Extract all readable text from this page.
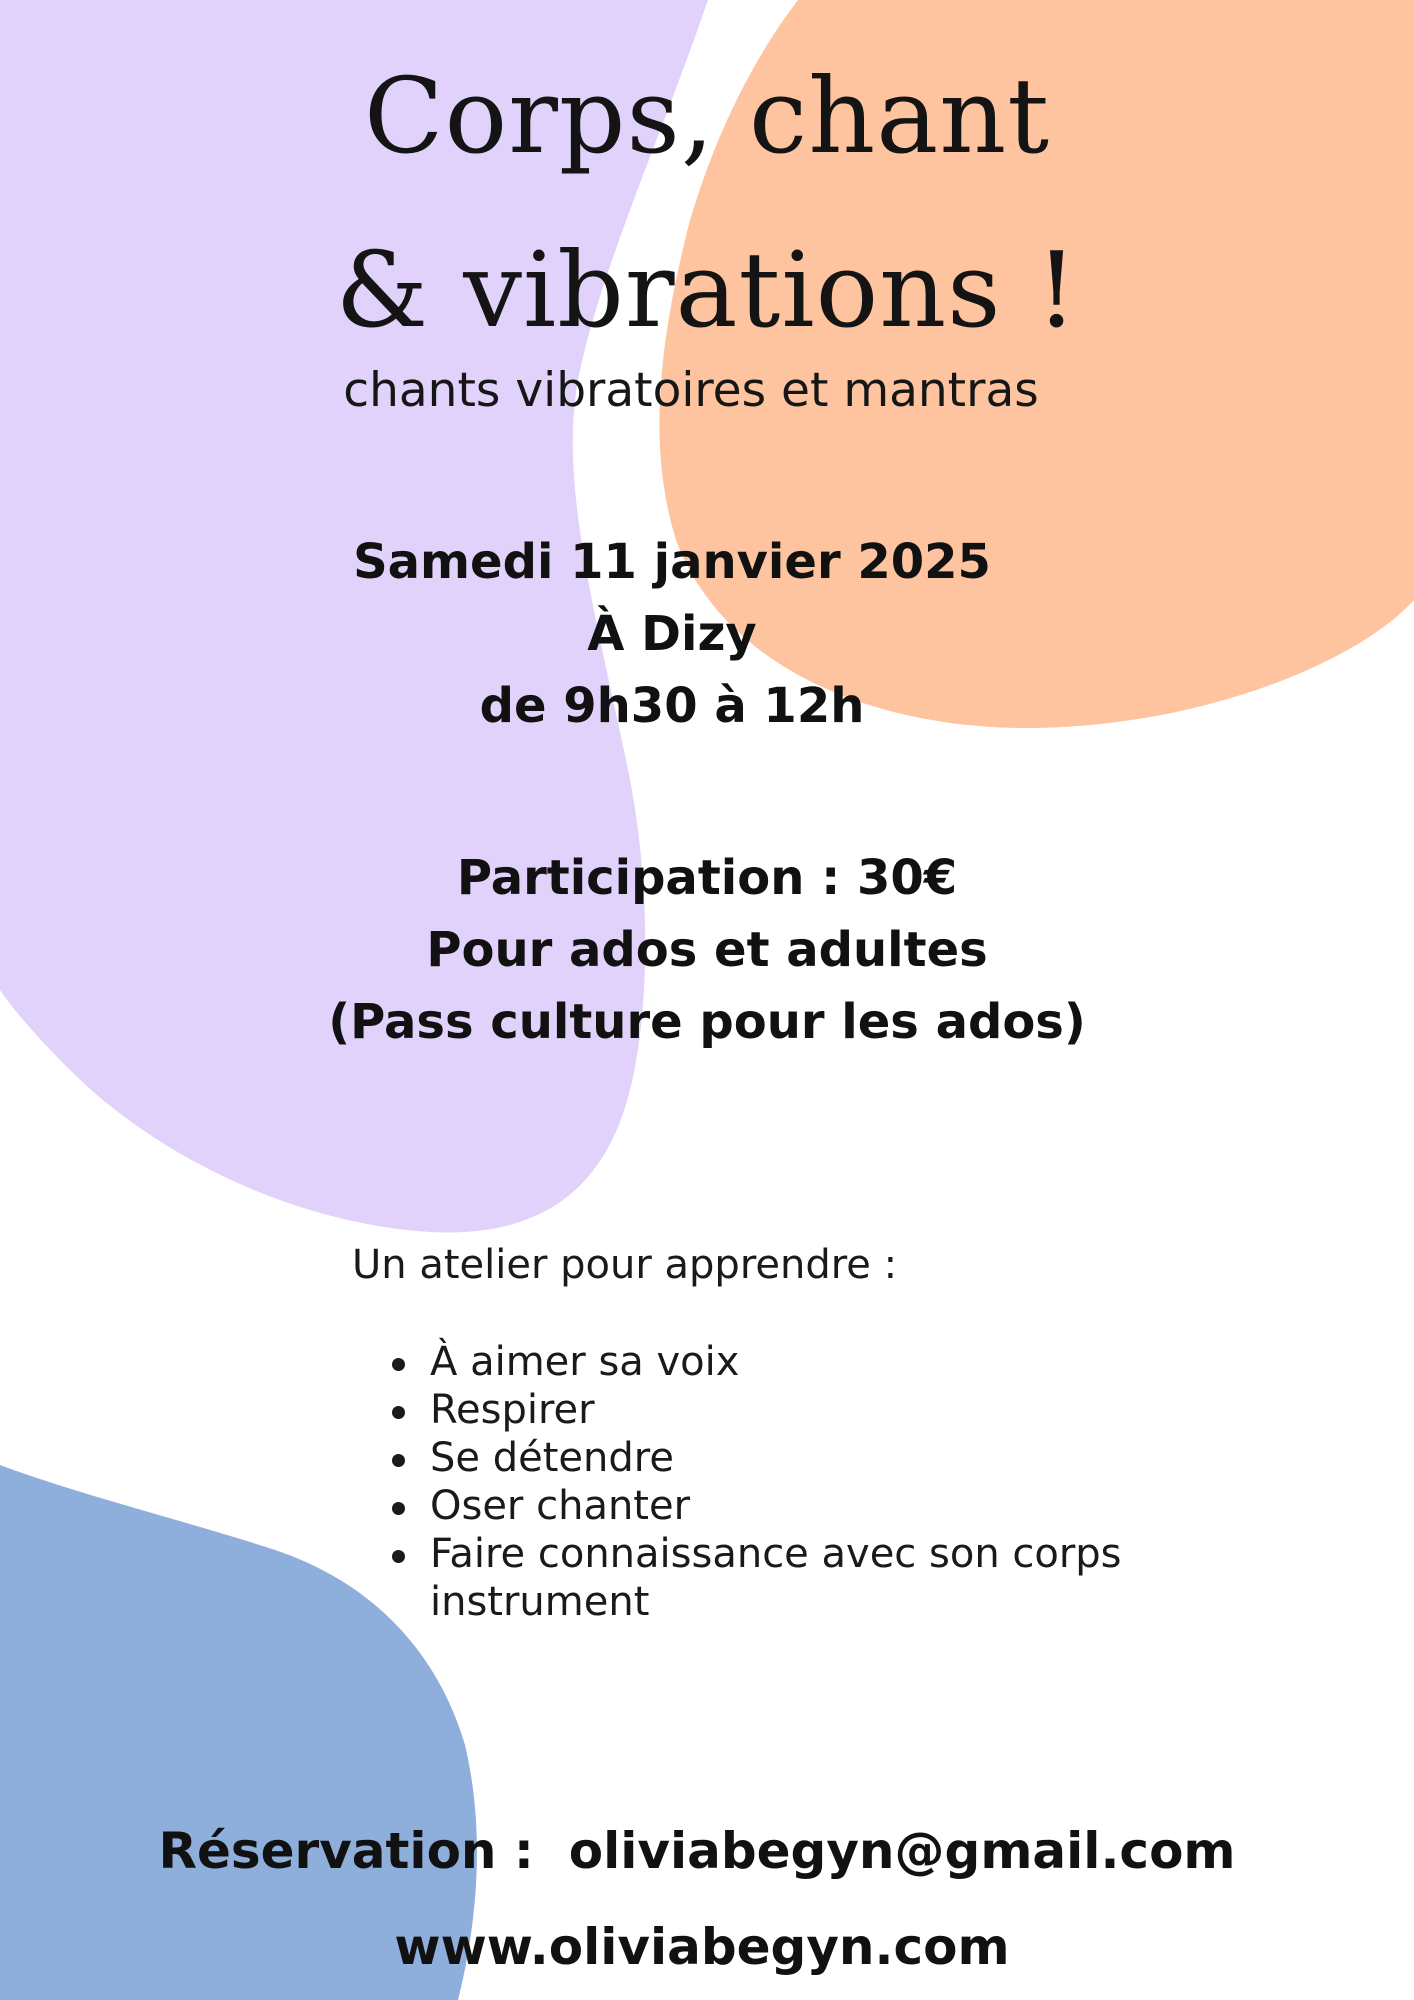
Corps, chant
& vibrations !
chants vibratoires et mantras
Samedi 11 janvier 2025
À Dizy
de 9h30 à 12h
Participation : 30€
Pour ados et adultes
(Pass culture pour les ados)

Un atelier pour apprendre :

À aimer sa voix
Respirer
Se détendre
Oser chanter
Faire connaissance avec son corps instrument
Réservation : oliviabegyn@gmail.com
www.oliviabegyn.com
